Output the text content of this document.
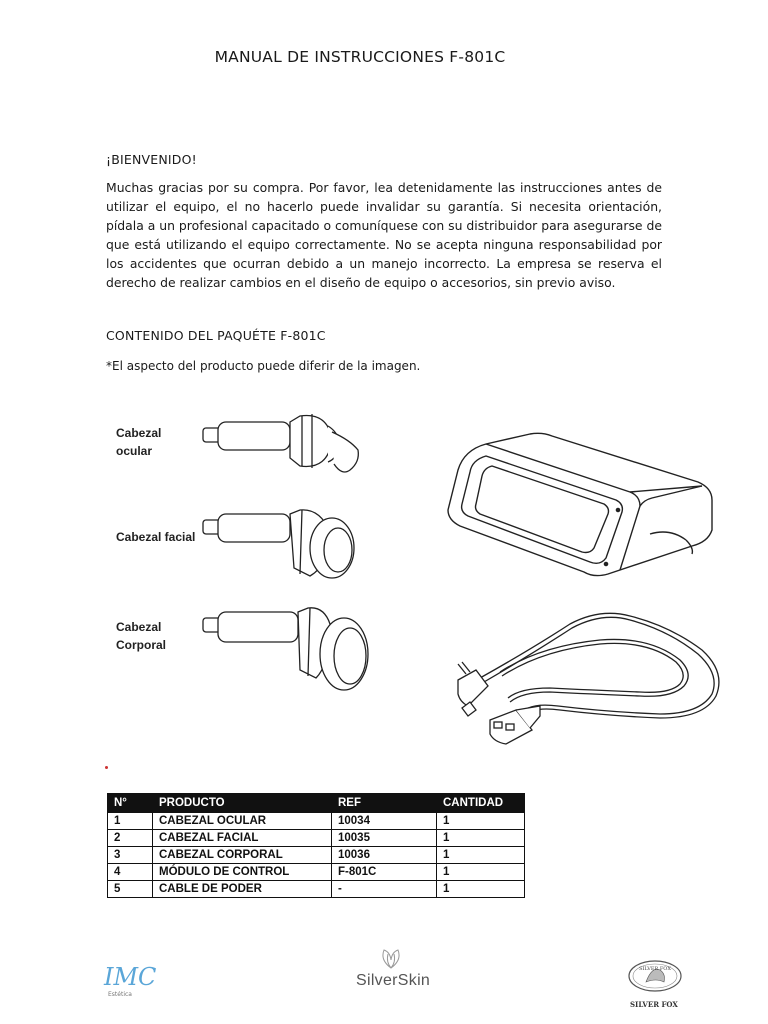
MANUAL DE INSTRUCCIONES F-801C
¡BIENVENIDO!
Muchas gracias por su compra. Por favor, lea detenidamente las instrucciones antes de utilizar el equipo, el no hacerlo puede invalidar su garantía. Si necesita orientación, pídala a un profesional capacitado o comuníquese con su distribuidor para asegurarse de que está utilizando el equipo correctamente. No se acepta ninguna responsabilidad por los accidentes que ocurran debido a un manejo incorrecto. La empresa se reserva el derecho de realizar cambios en el diseño de equipo o accesorios, sin previo aviso.
CONTENIDO DEL PAQUÉTE F-801C
*El aspecto del producto puede diferir de la imagen.
Cabezal
ocular
Cabezal facial
Cabezal
Corporal
N°	PRODUCTO	REF	CANTIDAD
1	CABEZAL OCULAR	10034	1
2	CABEZAL FACIAL	10035	1
3	CABEZAL CORPORAL	10036	1
4	MÓDULO DE CONTROL	F-801C	1
5	CABLE DE PODER	-	1
IMC
Estética
SilverSkin
SILVER FOX
SILVER FOX
